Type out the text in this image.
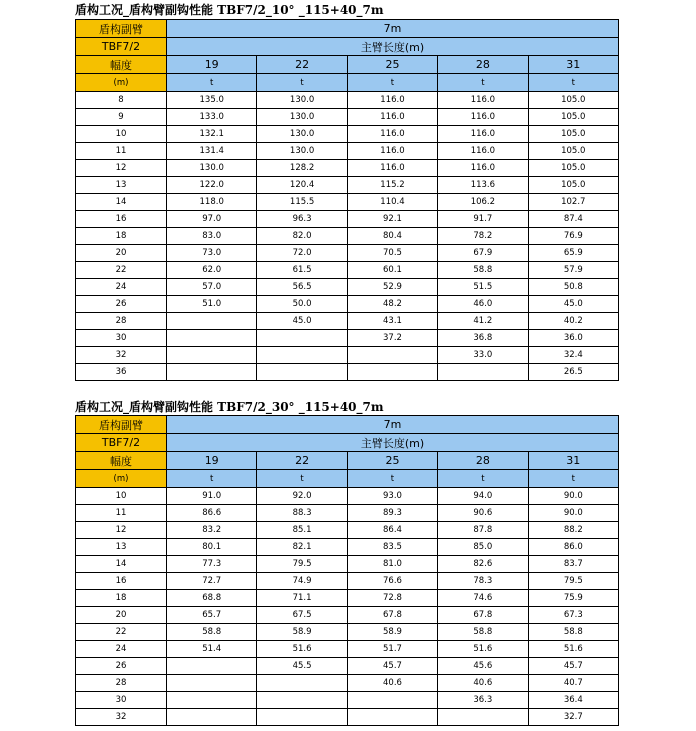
盾构工况_盾构臂副钩性能 TBF7/2_10° _115+40_7m
盾构副臂	7m				
TBF7/2	主臂长度(m)				
幅度	19	22	25	28	31
(m)	t	t	t	t	t
8	135.0	130.0	116.0	116.0	105.0
9	133.0	130.0	116.0	116.0	105.0
10	132.1	130.0	116.0	116.0	105.0
11	131.4	130.0	116.0	116.0	105.0
12	130.0	128.2	116.0	116.0	105.0
13	122.0	120.4	115.2	113.6	105.0
14	118.0	115.5	110.4	106.2	102.7
16	97.0	96.3	92.1	91.7	87.4
18	83.0	82.0	80.4	78.2	76.9
20	73.0	72.0	70.5	67.9	65.9
22	62.0	61.5	60.1	58.8	57.9
24	57.0	56.5	52.9	51.5	50.8
26	51.0	50.0	48.2	46.0	45.0
28		45.0	43.1	41.2	40.2
30			37.2	36.8	36.0
32				33.0	32.4
36					26.5
盾构工况_盾构臂副钩性能 TBF7/2_30° _115+40_7m
盾构副臂	7m				
TBF7/2	主臂长度(m)				
幅度	19	22	25	28	31
(m)	t	t	t	t	t
10	91.0	92.0	93.0	94.0	90.0
11	86.6	88.3	89.3	90.6	90.0
12	83.2	85.1	86.4	87.8	88.2
13	80.1	82.1	83.5	85.0	86.0
14	77.3	79.5	81.0	82.6	83.7
16	72.7	74.9	76.6	78.3	79.5
18	68.8	71.1	72.8	74.6	75.9
20	65.7	67.5	67.8	67.8	67.3
22	58.8	58.9	58.9	58.8	58.8
24	51.4	51.6	51.7	51.6	51.6
26		45.5	45.7	45.6	45.7
28			40.6	40.6	40.7
30				36.3	36.4
32					32.7
